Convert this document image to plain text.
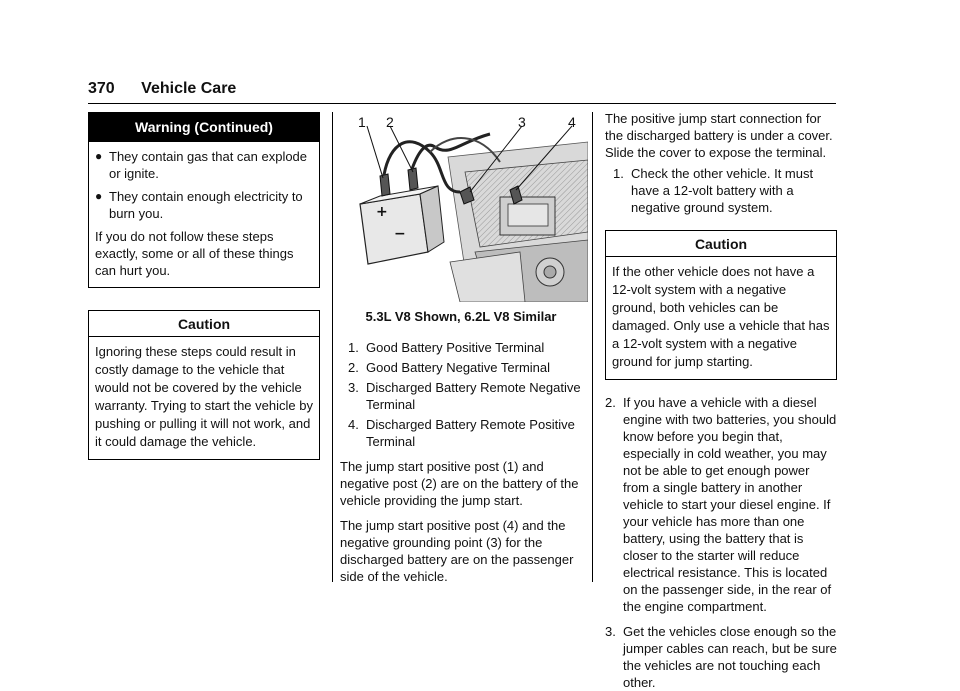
370 Vehicle Care
Warning (Continued)
● They contain gas that can explode or ignite.
● They contain enough electricity to burn you.

If you do not follow these steps exactly, some or all of these things can hurt you.

Caution
Ignoring these steps could result in costly damage to the vehicle that would not be covered by the vehicle warranty. Trying to start the vehicle by pushing or pulling it will not work, and it could damage the vehicle.
+
−
1 2	3	4
5.3L V8 Shown, 6.2L V8 Similar
1. Good Battery Positive Terminal
2. Good Battery Negative Terminal
3. Discharged Battery Remote Negative Terminal
4. Discharged Battery Remote Positive Terminal

The jump start positive post (1) and negative post (2) are on the battery of the vehicle providing the jump start.

The jump start positive post (4) and the negative grounding point (3) for the discharged battery are on the passenger side of the vehicle.

The positive jump start connection for the discharged battery is under a cover. Slide the cover to expose the terminal.

1. Check the other vehicle. It must have a 12-volt battery with a negative ground system.
Caution
If the other vehicle does not have a 12-volt system with a negative ground, both vehicles can be damaged. Only use a vehicle that has a 12-volt system with a negative ground for jump starting.
2. If you have a vehicle with a diesel engine with two batteries, you should know before you begin that, especially in cold weather, you may not be able to get enough power from a single battery in another vehicle to start your diesel engine. If your vehicle has more than one battery, using the battery that is closer to the starter will reduce electrical resistance. This is located on the passenger side, in the rear of the engine compartment.
3. Get the vehicles close enough so the jumper cables can reach, but be sure the vehicles are not touching each other.
